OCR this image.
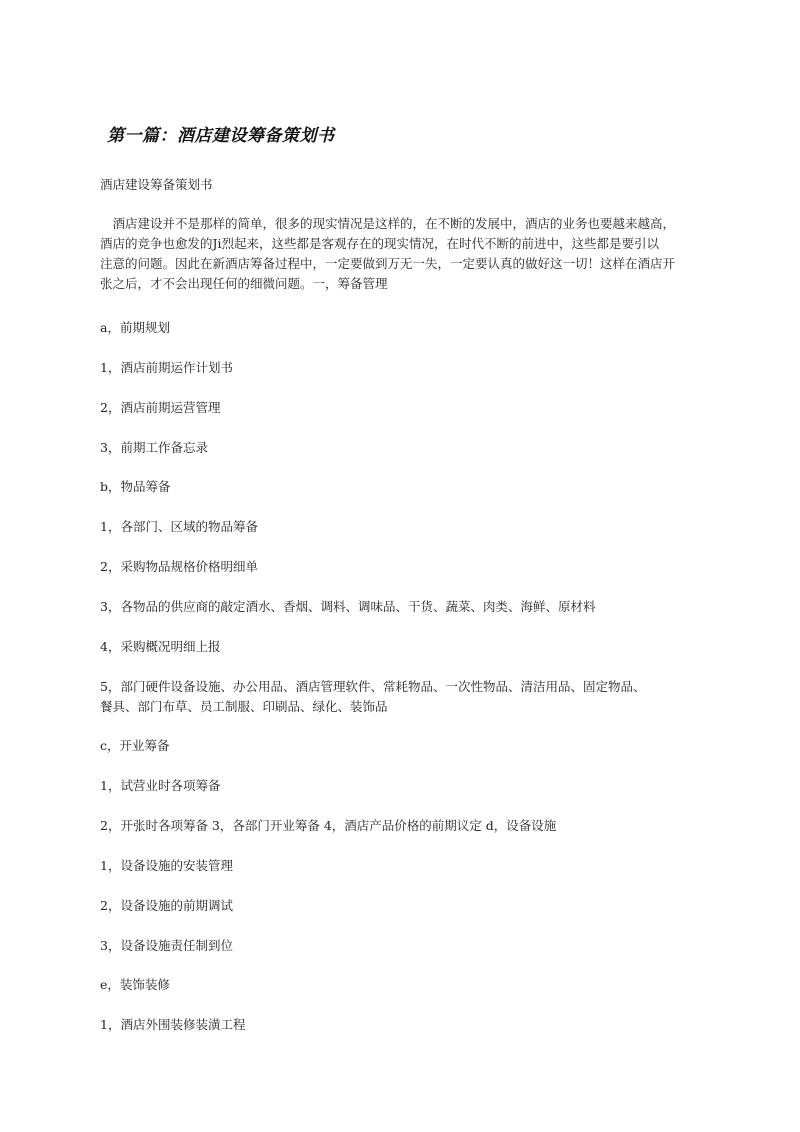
第一篇：酒店建设筹备策划书
酒店建设筹备策划书
　酒店建设并不是那样的简单，很多的现实情况是这样的，在不断的发展中，酒店的业务也要越来越高，
酒店的竞争也愈发的Ji烈起来，这些都是客观存在的现实情况，在时代不断的前进中，这些都是要引以
注意的问题。因此在新酒店筹备过程中，一定要做到万无一失，一定要认真的做好这一切！这样在酒店开
张之后，才不会出现任何的细微问题。一，筹备管理
a，前期规划
1，酒店前期运作计划书
2，酒店前期运营管理
3，前期工作备忘录
b，物品筹备
1，各部门、区域的物品筹备
2，采购物品规格价格明细单
3，各物品的供应商的敲定酒水、香烟、调料、调味品、干货、蔬菜、肉类、海鲜、原材料
4，采购概况明细上报
5，部门硬件设备设施、办公用品、酒店管理软件、常耗物品、一次性物品、清洁用品、固定物品、
餐具、部门布草、员工制服、印刷品、绿化、装饰品
c，开业筹备
1，试营业时各项筹备
2，开张时各项筹备 3，各部门开业筹备 4，酒店产品价格的前期议定 d，设备设施
1，设备设施的安装管理
2，设备设施的前期调试
3，设备设施责任制到位
e，装饰装修
1，酒店外围装修装潢工程
